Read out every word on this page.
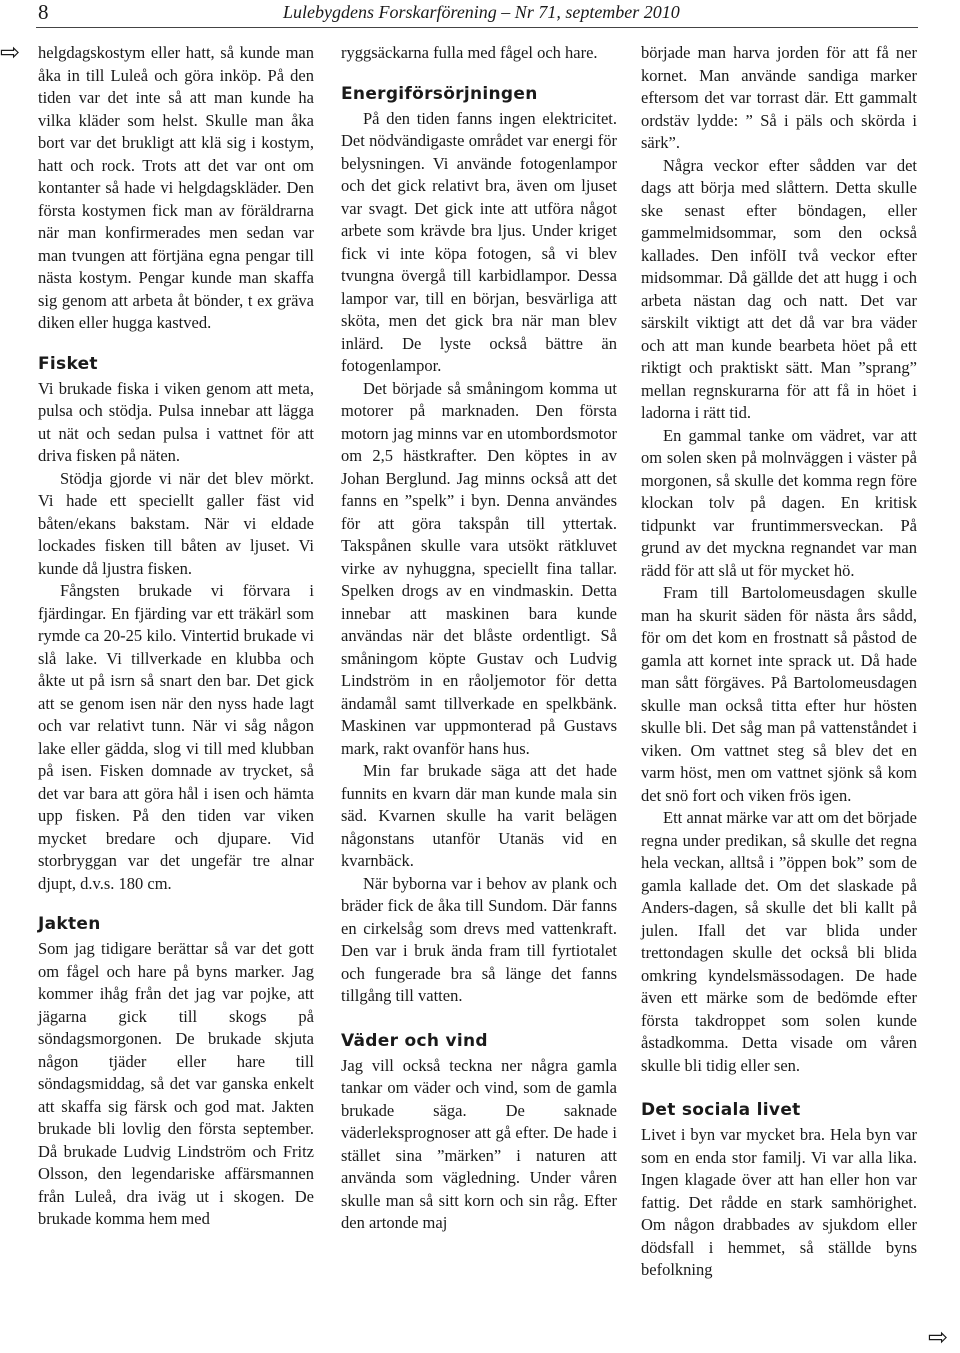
8	Lulebygdens Forskarförening – Nr 71, september 2010
⇨
⇨

helgdagskostym eller hatt, så kunde man åka in till Luleå och göra inköp. På den tiden var det inte så att man kunde ha vilka kläder som helst. Skulle man åka bort var det brukligt att klä sig i kostym, hatt och rock. Trots att det var ont om kontanter så hade vi helgdagskläder. Den första kostymen fick man av föräldrarna när man konfirmerades men sedan var man tvungen att förtjäna egna pengar till nästa kostym. Pengar kunde man skaffa sig genom att arbeta åt bönder, t ex gräva diken eller hugga kastved.

Fisket

Vi brukade fiska i viken genom att meta, pulsa och stödja. Pulsa innebar att lägga ut nät och sedan pulsa i vattnet för att driva fisken på näten.

Stödja gjorde vi när det blev mörkt. Vi hade ett speciellt galler fäst vid båten/ekans bakstam. När vi eldade lockades fisken till båten av ljuset. Vi kunde då ljustra fisken.

Fångsten brukade vi förvara i fjärdingar. En fjärding var ett träkärl som rymde ca 20-25 kilo. Vintertid brukade vi slå lake. Vi tillverkade en klubba och åkte ut på isrn så snart den bar. Det gick att se genom isen när den nyss hade lagt och var relativt tunn. När vi såg någon lake eller gädda, slog vi till med klubban på isen. Fisken domnade av trycket, så det var bara att göra hål i isen och hämta upp fisken. På den tiden var viken mycket bredare och djupare. Vid storbryggan var det ungefär tre alnar djupt, d.v.s. 180 cm.

Jakten

Som jag tidigare berättar så var det gott om fågel och hare på byns marker. Jag kommer ihåg från det jag var pojke, att jägarna gick till skogs på söndagsmorgonen. De brukade skjuta någon tjäder eller hare till söndagsmiddag, så det var ganska enkelt att skaffa sig färsk och god mat. Jakten brukade bli lovlig den första september. Då brukade Ludvig Lindström och Fritz Olsson, den legendariske affärsmannen från Luleå, dra iväg ut i skogen. De brukade komma hem med

ryggsäckarna fulla med fågel och hare.

Energiförsörjningen

På den tiden fanns ingen elektricitet. Det nödvändigaste området var energi för belysningen. Vi använde fotogenlampor och det gick relativt bra, även om ljuset var svagt. Det gick inte att utföra något arbete som krävde bra ljus. Under kriget fick vi inte köpa fotogen, så vi blev tvungna övergå till karbidlampor. Dessa lampor var, till en början, besvärliga att sköta, men det gick bra när man blev inlärd. De lyste också bättre än fotogenlampor.

Det började så småningom komma ut motorer på marknaden. Den första motorn jag minns var en utombordsmotor om 2,5 hästkrafter. Den köptes in av Johan Berglund. Jag minns också att det fanns en ”spelk” i byn. Denna användes för att göra takspån till yttertak. Takspånen skulle vara utsökt rätkluvet virke av nyhuggna, speciellt fina tallar. Spelken drogs av en vindmaskin. Detta innebar att maskinen bara kunde användas när det blåste ordentligt. Så småningom köpte Gustav och Ludvig Lindström in en råoljemotor för detta ändamål samt tillverkade en spelkbänk. Maskinen var uppmonterad på Gustavs mark, rakt ovanför hans hus.

Min far brukade säga att det hade funnits en kvarn där man kunde mala sin säd. Kvarnen skulle ha varit belägen någonstans utanför Utanäs vid en kvarnbäck.

När byborna var i behov av plank och bräder fick de åka till Sundom. Där fanns en cirkelsåg som drevs med vattenkraft. Den var i bruk ända fram till fyrtiotalet och fungerade bra så länge det fanns tillgång till vatten.

Väder och vind

Jag vill också teckna ner några gamla tankar om väder och vind, som de gamla brukade säga. De saknade väderleksprognoser att gå efter. De hade i stället sina ”märken” i naturen att använda som vägledning. Under våren skulle man så sitt korn och sin råg. Efter den artonde maj

började man harva jorden för att få ner kornet. Man använde sandiga marker eftersom det var torrast där. Ett gammalt ordstäv lydde: ” Så i päls och skörda i särk”.

Några veckor efter sådden var det dags att börja med slåttern. Detta skulle ske senast efter böndagen, eller gammelmidsommar, som den också kallades. Den infölI två veckor efter midsommar. Då gällde det att hugg i och arbeta nästan dag och natt. Det var särskilt viktigt att det då var bra väder och att man kunde bearbeta höet på ett riktigt och praktiskt sätt. Man ”sprang” mellan regnskurarna för att få in höet i ladorna i rätt tid.

En gammal tanke om vädret, var att om solen sken på molnväggen i väster på morgonen, så skulle det komma regn före klockan tolv på dagen. En kritisk tidpunkt var fruntimmersveckan. På grund av det myckna regnandet var man rädd för att slå ut för mycket hö.

Fram till Bartolomeusdagen skulle man ha skurit säden för nästa års sådd, för om det kom en frostnatt så påstod de gamla att kornet inte sprack ut. Då hade man sått förgäves. På Bartolomeusdagen skulle man också titta efter hur hösten skulle bli. Det såg man på vattenståndet i viken. Om vattnet steg så blev det en varm höst, men om vattnet sjönk så kom det snö fort och viken frös igen.

Ett annat märke var att om det började regna under predikan, så skulle det regna hela veckan, alltså i ”öppen bok” som de gamla kallade det. Om det slaskade på Anders-dagen, så skulle det bli kallt på julen. Ifall det var blida under trettondagen skulle det också bli blida omkring kyndelsmässodagen. De hade även ett märke som de bedömde efter första takdroppet som solen kunde åstadkomma. Detta visade om våren skulle bli tidig eller sen.

Det sociala livet

Livet i byn var mycket bra. Hela byn var som en enda stor familj. Vi var alla lika. Ingen klagade över att han eller hon var fattig. Det rådde en stark samhörighet. Om någon drabbades av sjukdom eller dödsfall i hemmet, så ställde byns befolkning
